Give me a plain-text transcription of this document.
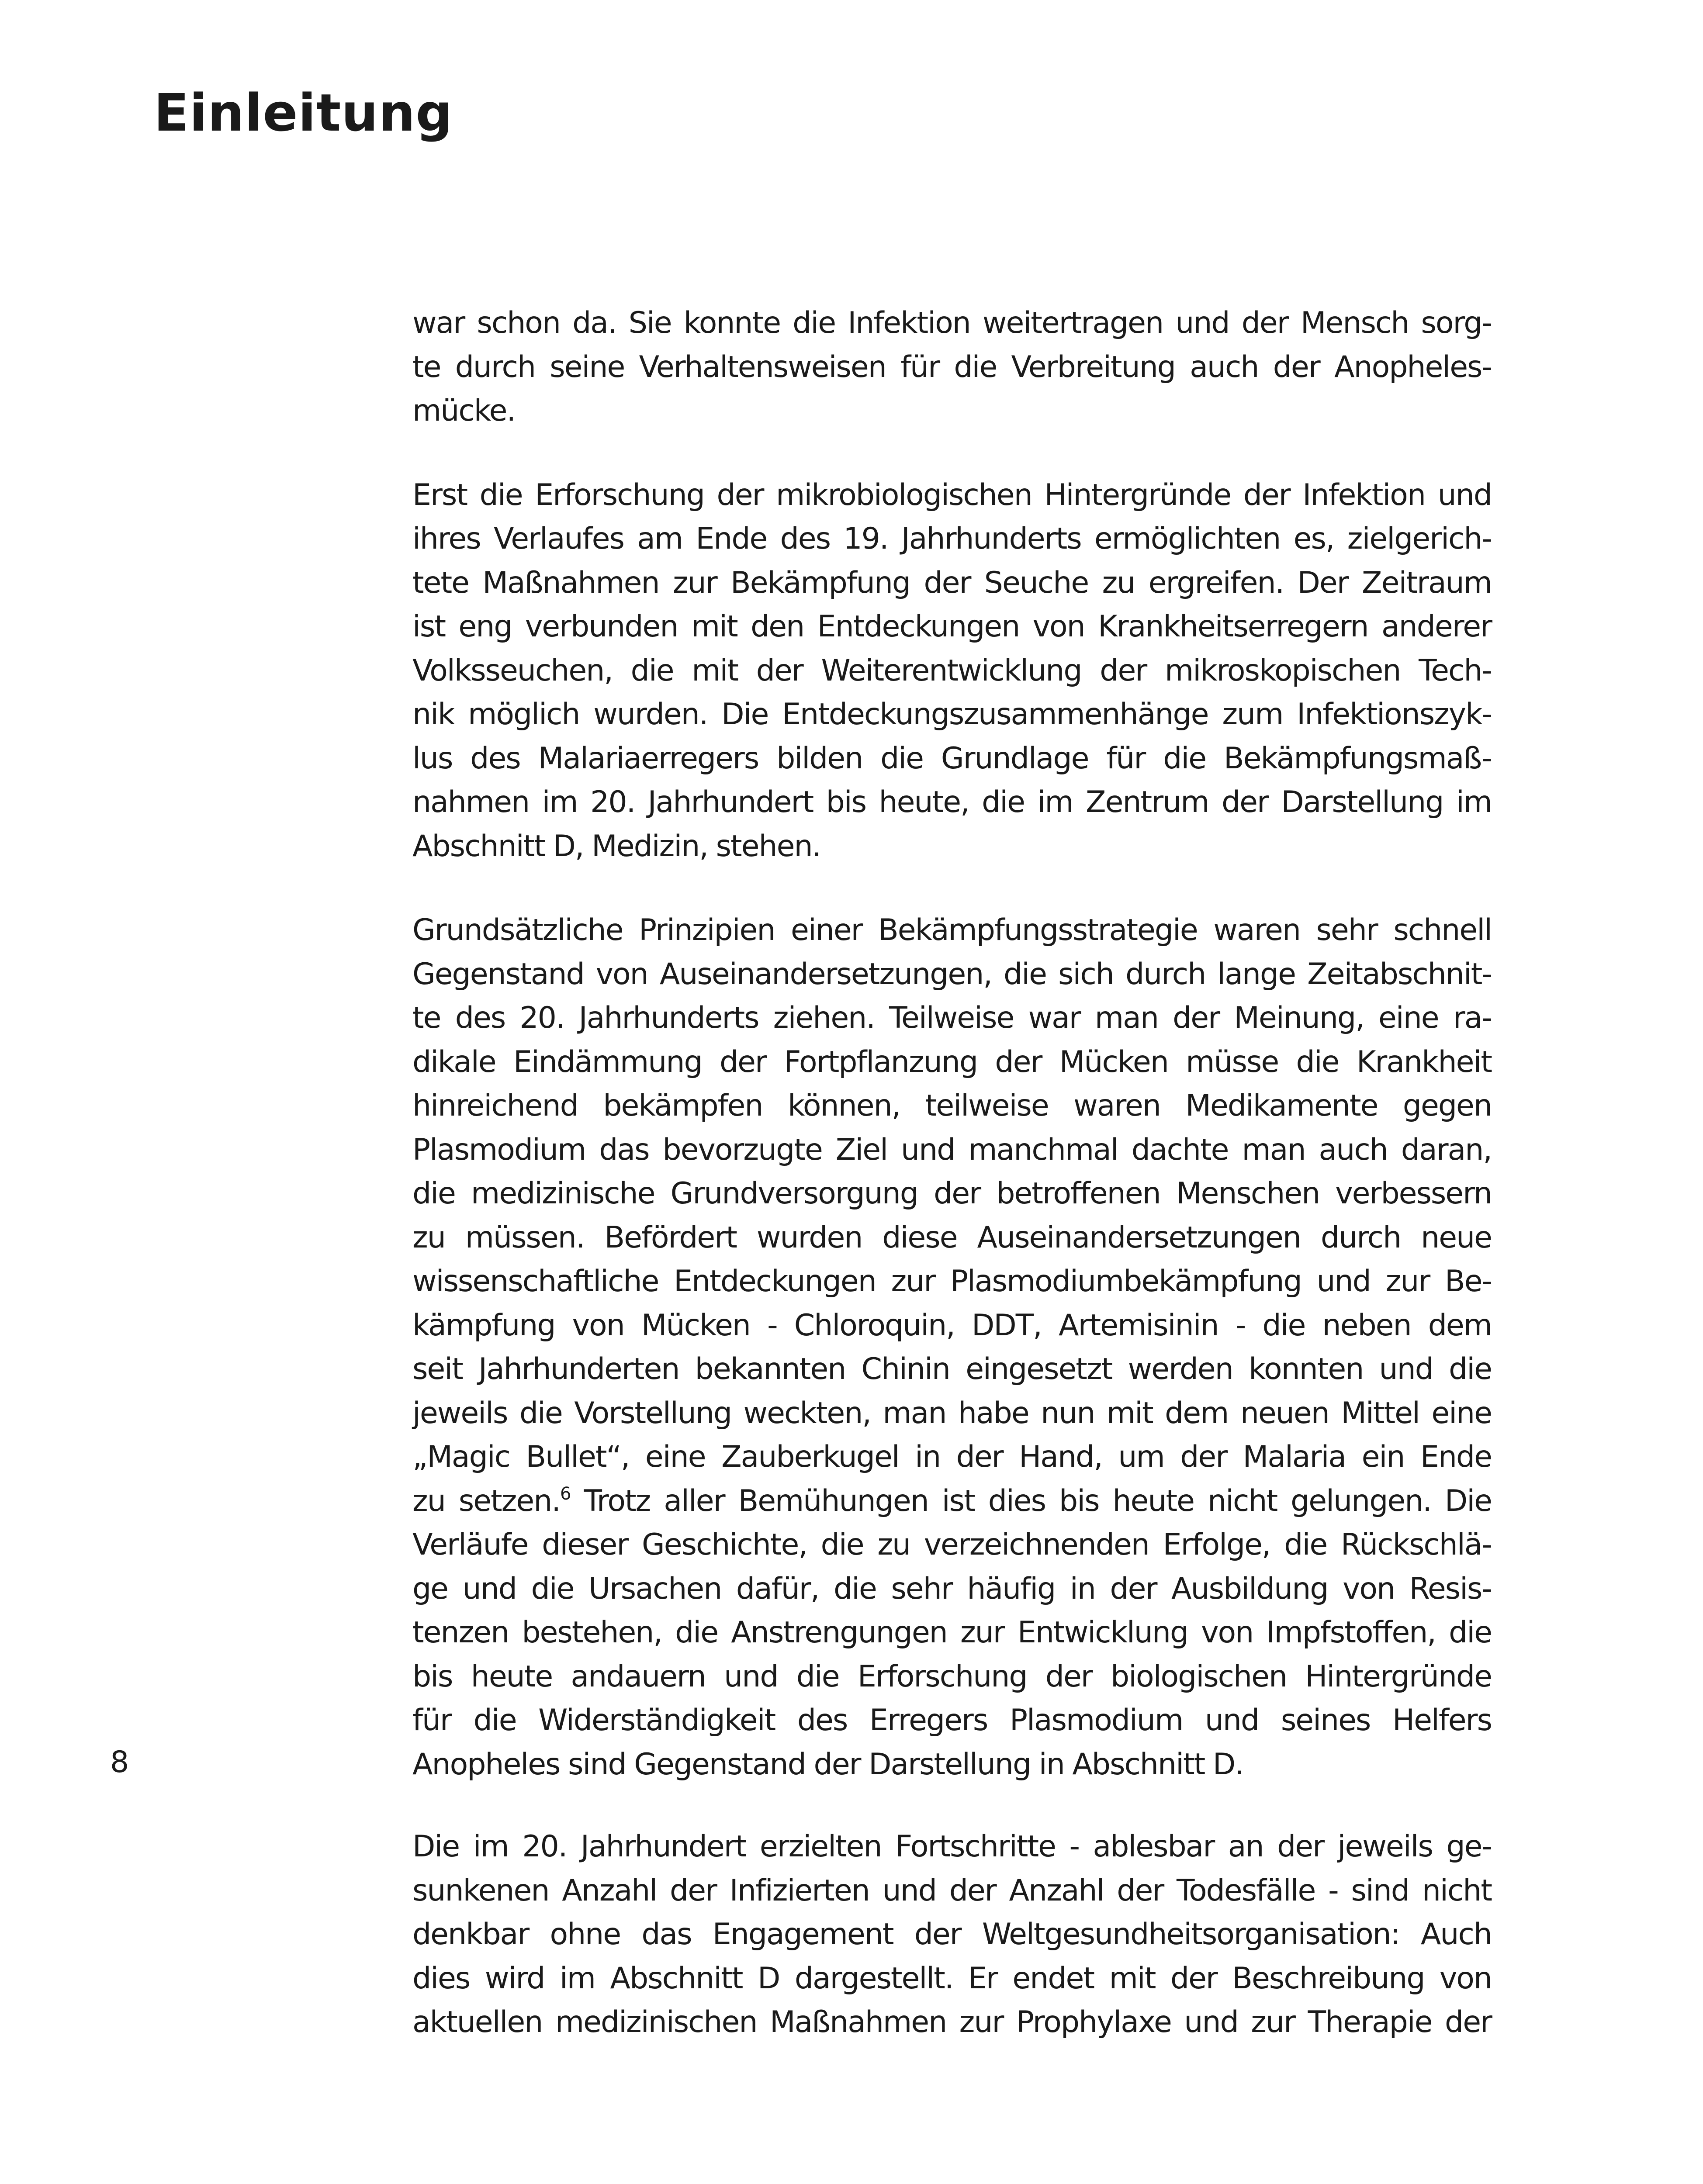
Einleitung

war schon da. Sie konnte die Infektion weitertragen und der Mensch sorg-
te durch seine Verhaltensweisen für die Verbreitung auch der Anopheles-
mücke.

Erst die Erforschung der mikrobiologischen Hintergründe der Infektion und
ihres Verlaufes am Ende des 19. Jahrhunderts ermöglichten es, zielgerich-
tete Maßnahmen zur Bekämpfung der Seuche zu ergreifen. Der Zeitraum
ist eng verbunden mit den Entdeckungen von Krankheitserregern anderer
Volksseuchen, die mit der Weiterentwicklung der mikroskopischen Tech-
nik möglich wurden. Die Entdeckungszusammenhänge zum Infektionszyk-
lus des Malariaerregers bilden die Grundlage für die Bekämpfungsmaß-
nahmen im 20. Jahrhundert bis heute, die im Zentrum der Darstellung im
Abschnitt D, Medizin, stehen.

Grundsätzliche Prinzipien einer Bekämpfungsstrategie waren sehr schnell
Gegenstand von Auseinandersetzungen, die sich durch lange Zeitabschnit-
te des 20. Jahrhunderts ziehen. Teilweise war man der Meinung, eine ra-
dikale Eindämmung der Fortpflanzung der Mücken müsse die Krankheit
hinreichend bekämpfen können, teilweise waren Medikamente gegen
Plasmodium das bevorzugte Ziel und manchmal dachte man auch daran,
die medizinische Grundversorgung der betroffenen Menschen verbessern
zu müssen. Befördert wurden diese Auseinandersetzungen durch neue
wissenschaftliche Entdeckungen zur Plasmodiumbekämpfung und zur Be-
kämpfung von Mücken - Chloroquin, DDT, Artemisinin - die neben dem
seit Jahrhunderten bekannten Chinin eingesetzt werden konnten und die
jeweils die Vorstellung weckten, man habe nun mit dem neuen Mittel eine
„Magic Bullet“, eine Zauberkugel in der Hand, um der Malaria ein Ende
zu setzen.$^6$ Trotz aller Bemühungen ist dies bis heute nicht gelungen. Die
Verläufe dieser Geschichte, die zu verzeichnenden Erfolge, die Rückschlä-
ge und die Ursachen dafür, die sehr häufig in der Ausbildung von Resis-
tenzen bestehen, die Anstrengungen zur Entwicklung von Impfstoffen, die
bis heute andauern und die Erforschung der biologischen Hintergründe
für die Widerständigkeit des Erregers Plasmodium und seines Helfers
Anopheles sind Gegenstand der Darstellung in Abschnitt D.

Die im 20. Jahrhundert erzielten Fortschritte - ablesbar an der jeweils ge-
sunkenen Anzahl der Infizierten und der Anzahl der Todesfälle - sind nicht
denkbar ohne das Engagement der Weltgesundheitsorganisation: Auch
dies wird im Abschnitt D dargestellt. Er endet mit der Beschreibung von
aktuellen medizinischen Maßnahmen zur Prophylaxe und zur Therapie der

8
